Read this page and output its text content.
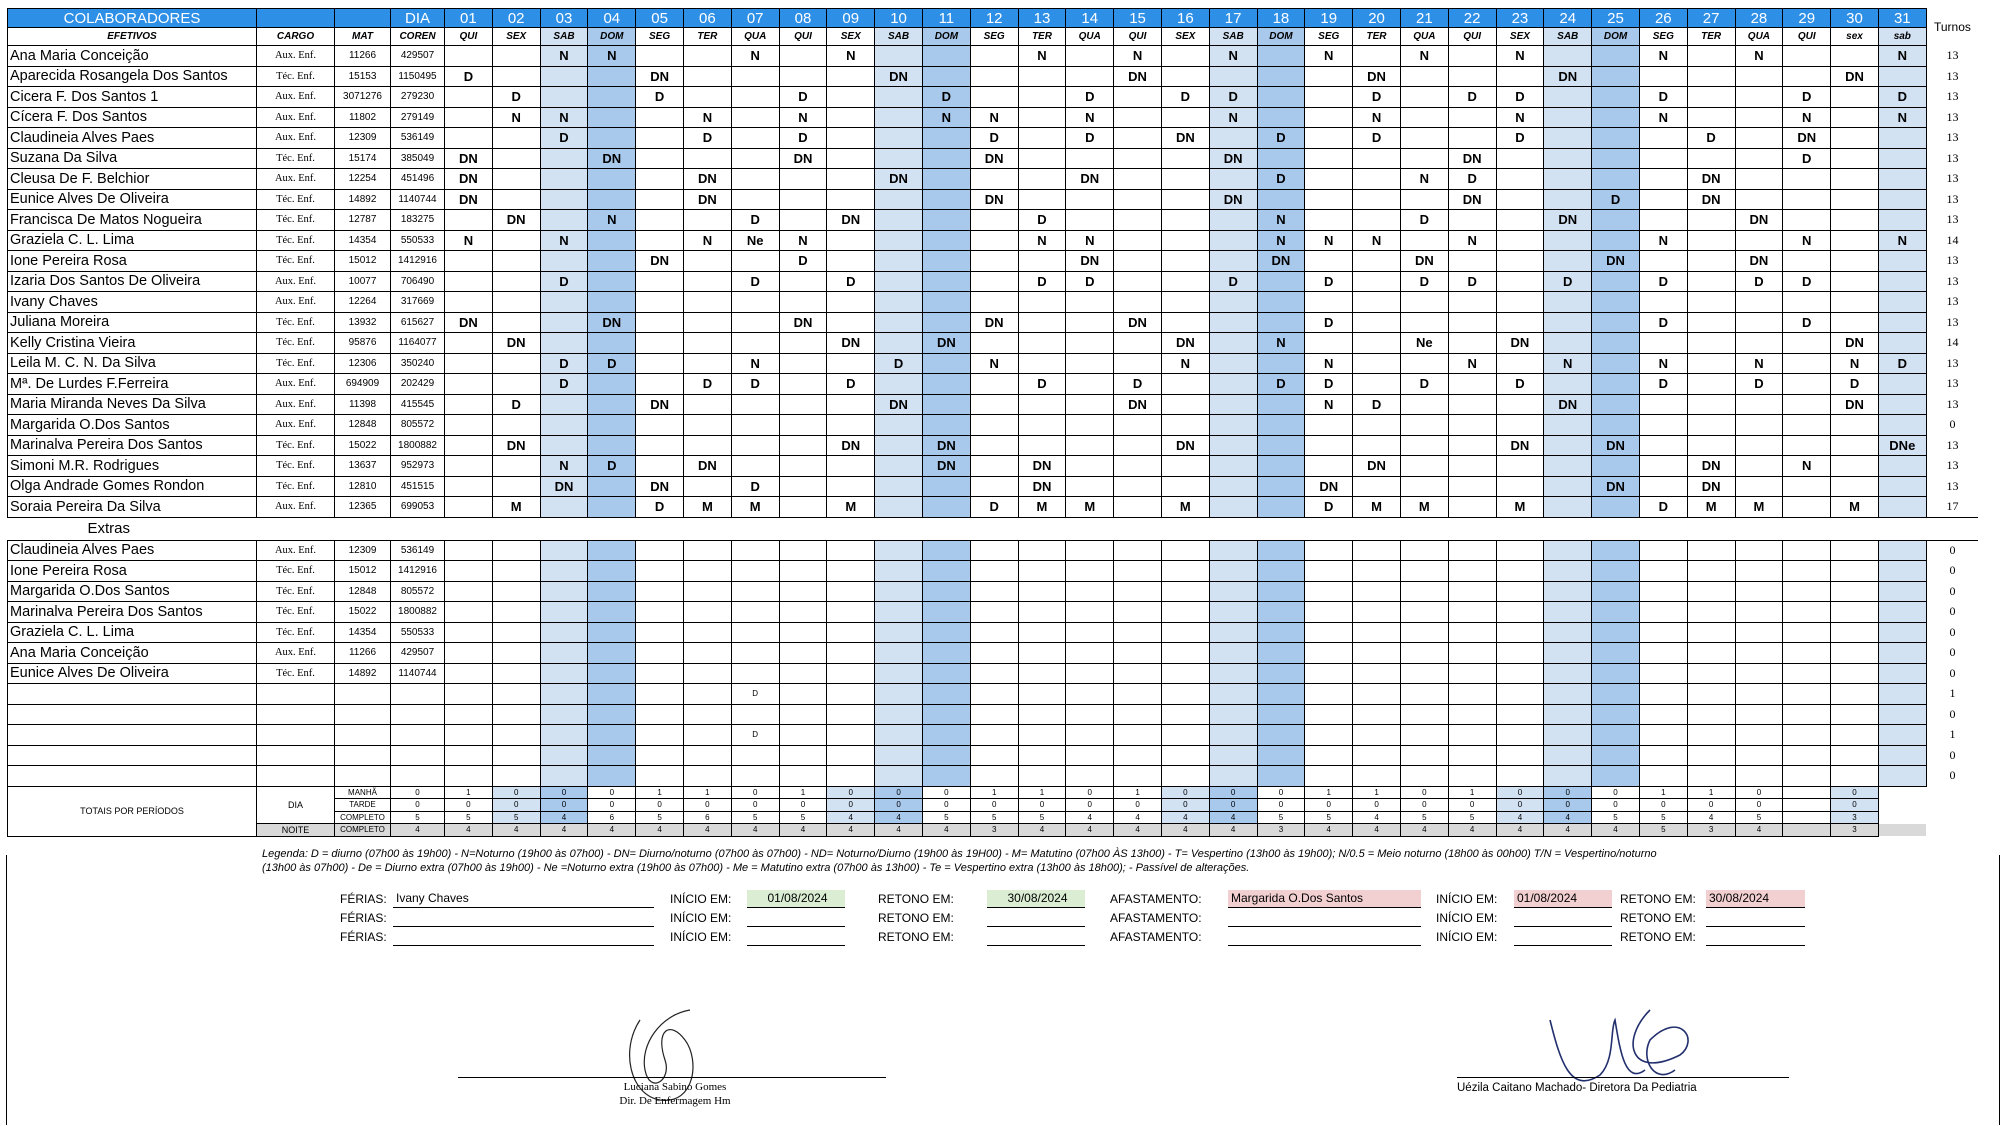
COLABORADORES			DIA	01	02	03	04	05	06	07	08	09	10	11	12	13	14	15	16	17	18	19	20	21	22	23	24	25	26	27	28	29	30	31	Turnos
EFETIVOS	CARGO	MAT	COREN	QUI	SEX	SAB	DOM	SEG	TER	QUA	QUI	SEX	SAB	DOM	SEG	TER	QUA	QUI	SEX	SAB	DOM	SEG	TER	QUA	QUI	SEX	SAB	DOM	SEG	TER	QUA	QUI	sex	sab	
Ana Maria Conceição	Aux. Enf.	11266	429507			N	N			N		N				N		N		N		N		N		N			N		N			N	13
Aparecida Rosangela Dos Santos	Téc. Enf.	15153	1150495	D				DN					DN					DN					DN				DN						DN		13
Cicera F. Dos Santos 1	Aux. Enf.	3071276	279230		D			D			D			D			D		D	D			D		D	D			D			D		D	13
Cícera F. Dos Santos	Aux. Enf.	11802	279149		N	N			N		N			N	N		N			N			N			N			N			N		N	13
Claudineia Alves Paes	Aux. Enf.	12309	536149			D			D		D				D		D		DN		D		D			D				D		DN			13
Suzana Da Silva	Téc. Enf.	15174	385049	DN			DN				DN				DN					DN					DN							D			13
Cleusa De F. Belchior	Aux. Enf.	12254	451496	DN					DN				DN				DN				D			N	D					DN					13
Eunice Alves De Oliveira	Téc. Enf.	14892	1140744	DN					DN						DN					DN					DN			D		DN					13
Francisca De Matos Nogueira	Téc. Enf.	12787	183275		DN		N			D		DN				D					N			D			DN				DN				13
Graziela C. L. Lima	Téc. Enf.	14354	550533	N		N			N	Ne	N					N	N				N	N	N		N				N			N		N	14
Ione Pereira Rosa	Téc. Enf.	15012	1412916					DN			D						DN				DN			DN				DN			DN				13
Izaria Dos Santos De Oliveira	Aux. Enf.	10077	706490			D				D		D				D	D			D		D		D	D		D		D		D	D			13
Ivany Chaves	Aux. Enf.	12264	317669																																13
Juliana Moreira	Téc. Enf.	13932	615627	DN			DN				DN				DN			DN				D							D			D			13
Kelly Cristina Vieira	Téc. Enf.	95876	1164077		DN							DN		DN					DN		N			Ne		DN							DN		14
Leila M. C. N. Da Silva	Téc. Enf.	12306	350240			D	D			N			D		N				N			N			N		N		N		N		N	D	13
Mª. De Lurdes F.Ferreira	Aux. Enf.	694909	202429			D			D	D		D				D		D			D	D		D		D			D		D		D		13
Maria Miranda Neves Da Silva	Aux. Enf.	11398	415545		D			DN					DN					DN				N	D				DN						DN		13
Margarida O.Dos Santos	Aux. Enf.	12848	805572																																0
Marinalva Pereira Dos Santos	Téc. Enf.	15022	1800882		DN							DN		DN					DN							DN		DN						DNe	13
Simoni M.R. Rodrigues	Téc. Enf.	13637	952973			N	D		DN					DN		DN							DN							DN		N			13
Olga Andrade Gomes Rondon	Téc. Enf.	12810	451515			DN		DN		D						DN						DN						DN		DN					13
Soraia Pereira Da Silva	Aux. Enf.	12365	699053		M			D	M	M		M			D	M	M		M			D	M	M		M			D	M	M		M		17
Extras																																			
Claudineia Alves Paes	Aux. Enf.	12309	536149																																0
Ione Pereira Rosa	Téc. Enf.	15012	1412916																																0
Margarida O.Dos Santos	Téc. Enf.	12848	805572																																0
Marinalva Pereira Dos Santos	Téc. Enf.	15022	1800882																																0
Graziela C. L. Lima	Téc. Enf.	14354	550533																																0
Ana Maria Conceição	Aux. Enf.	11266	429507																																0
Eunice Alves De Oliveira	Téc. Enf.	14892	1140744																																0
										D																									1
																																			0
										D																									1
																																			0
																																			0
TOTAIS POR PERÍODOS	DIA	MANHÃ	0	1	0	0	0	1	1	0	1	0	0	0	1	1	0	1	0	0	0	1	1	0	1	0	0	0	1	1	0		0		
		TARDE	0	0	0	0	0	0	0	0	0	0	0	0	0	0	0	0	0	0	0	0	0	0	0	0	0	0	0	0	0		0		
		COMPLETO	5	5	5	4	6	5	6	5	5	4	4	5	5	5	4	4	4	4	5	5	4	5	5	4	4	5	5	4	5		3		
	NOITE	COMPLETO	4	4	4	4	4	4	4	4	4	4	4	4	3	4	4	4	4	4	3	4	4	4	4	4	4	4	5	3	4		3		
Legenda: D = diurno (07h00 às 19h00) - N=Noturno (19h00 às 07h00) - DN= Diurno/noturno (07h00 às 07h00) - ND= Noturno/Diurno (19h00 às 19H00) - M= Matutino (07h00 ÀS 13h00) - T= Vespertino (13h00 às 19h00); N/0.5 = Meio noturno (18h00 às 00h00) T/N = Vespertino/noturno (13h00 às 07h00) - De = Diurno extra (07h00 às 19h00) - Ne =Noturno extra (19h00 às 07h00) - Me = Matutino extra (07h00 às 13h00) - Te = Vespertino extra (13h00 às 18h00); - Passível de alterações.
FÉRIAS: Ivany Chaves	INÍCIO EM:	01/08/2024	RETONO EM:	30/08/2024	AFASTAMENTO: Margarida O.Dos Santos	INÍCIO EM: 01/08/2024	RETONO EM: 30/08/2024
FÉRIAS:	INÍCIO EM:	RETONO EM:	AFASTAMENTO:	INÍCIO EM:	RETONO EM:
FÉRIAS:	INÍCIO EM:	RETONO EM:	AFASTAMENTO:	INÍCIO EM:	RETONO EM:
Luciana Sabino Gomes
Dir. De Enfermagem Hm
Uézila Caitano Machado- Diretora Da Pediatria
